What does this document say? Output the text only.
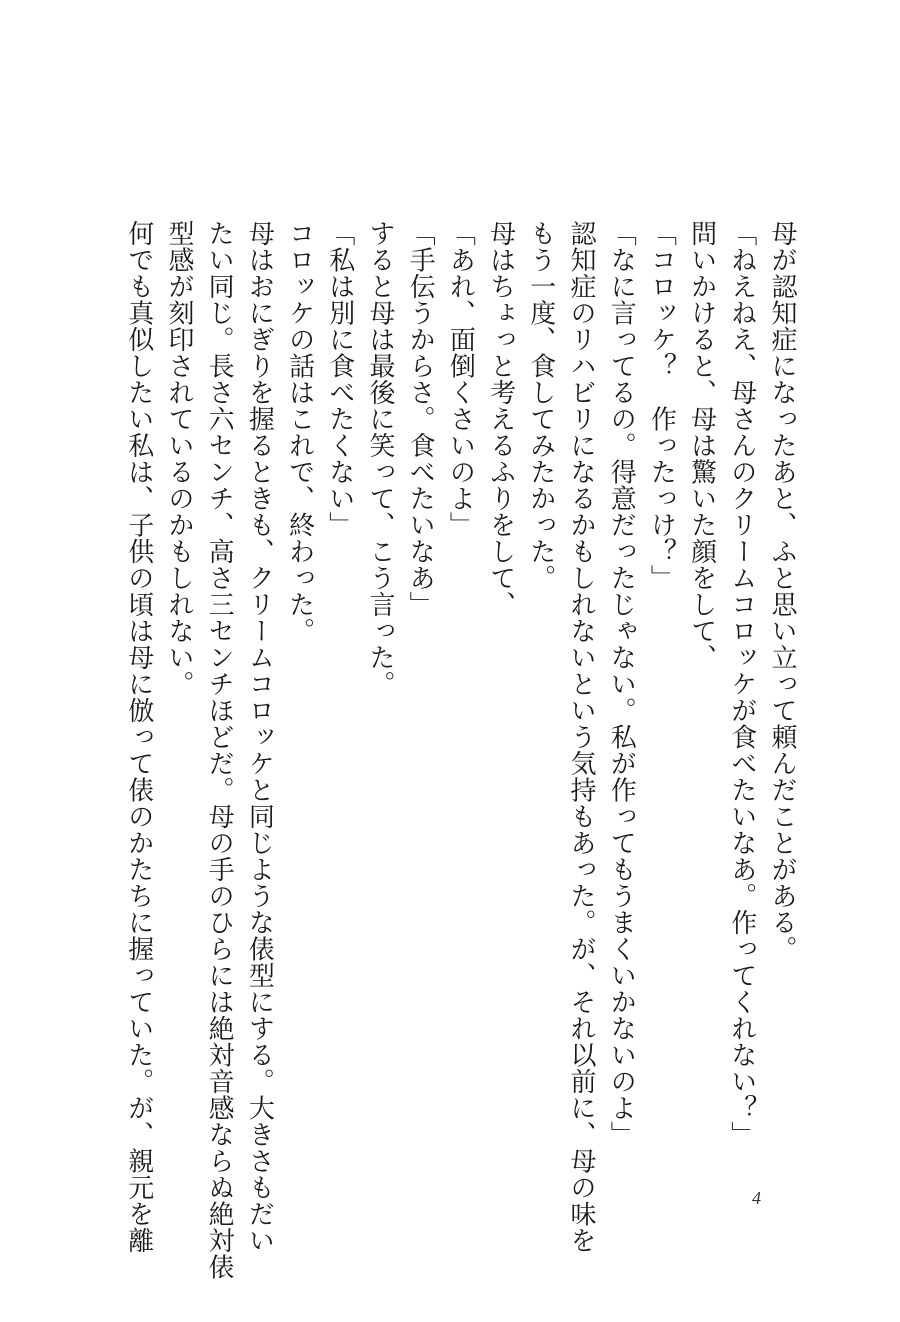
母が認知症になったあと、ふと思い立って頼んだことがある。
「ねえねえ、母さんのクリームコロッケが食べたいなあ。作ってくれない？」
問いかけると、母は驚いた顔をして、
「コロッケ？　作ったっけ？」
「なに言ってるの。得意だったじゃない。私が作ってもうまくいかないのよ」
認知症のリハビリになるかもしれないという気持もあった。が、それ以前に、母の味を
もう一度、食してみたかった。
母はちょっと考えるふりをして、
「あれ、面倒くさいのよ」
「手伝うからさ。食べたいなあ」
すると母は最後に笑って、こう言った。
「私は別に食べたくない」
コロッケの話はこれで、終わった。
母はおにぎりを握るときも、クリームコロッケと同じような俵型にする。大きさもだい
たい同じ。長さ六センチ、高さ三センチほどだ。母の手のひらには絶対音感ならぬ絶対俵
型感が刻印されているのかもしれない。
何でも真似したい私は、子供の頃は母に倣って俵のかたちに握っていた。が、親元を離	4
